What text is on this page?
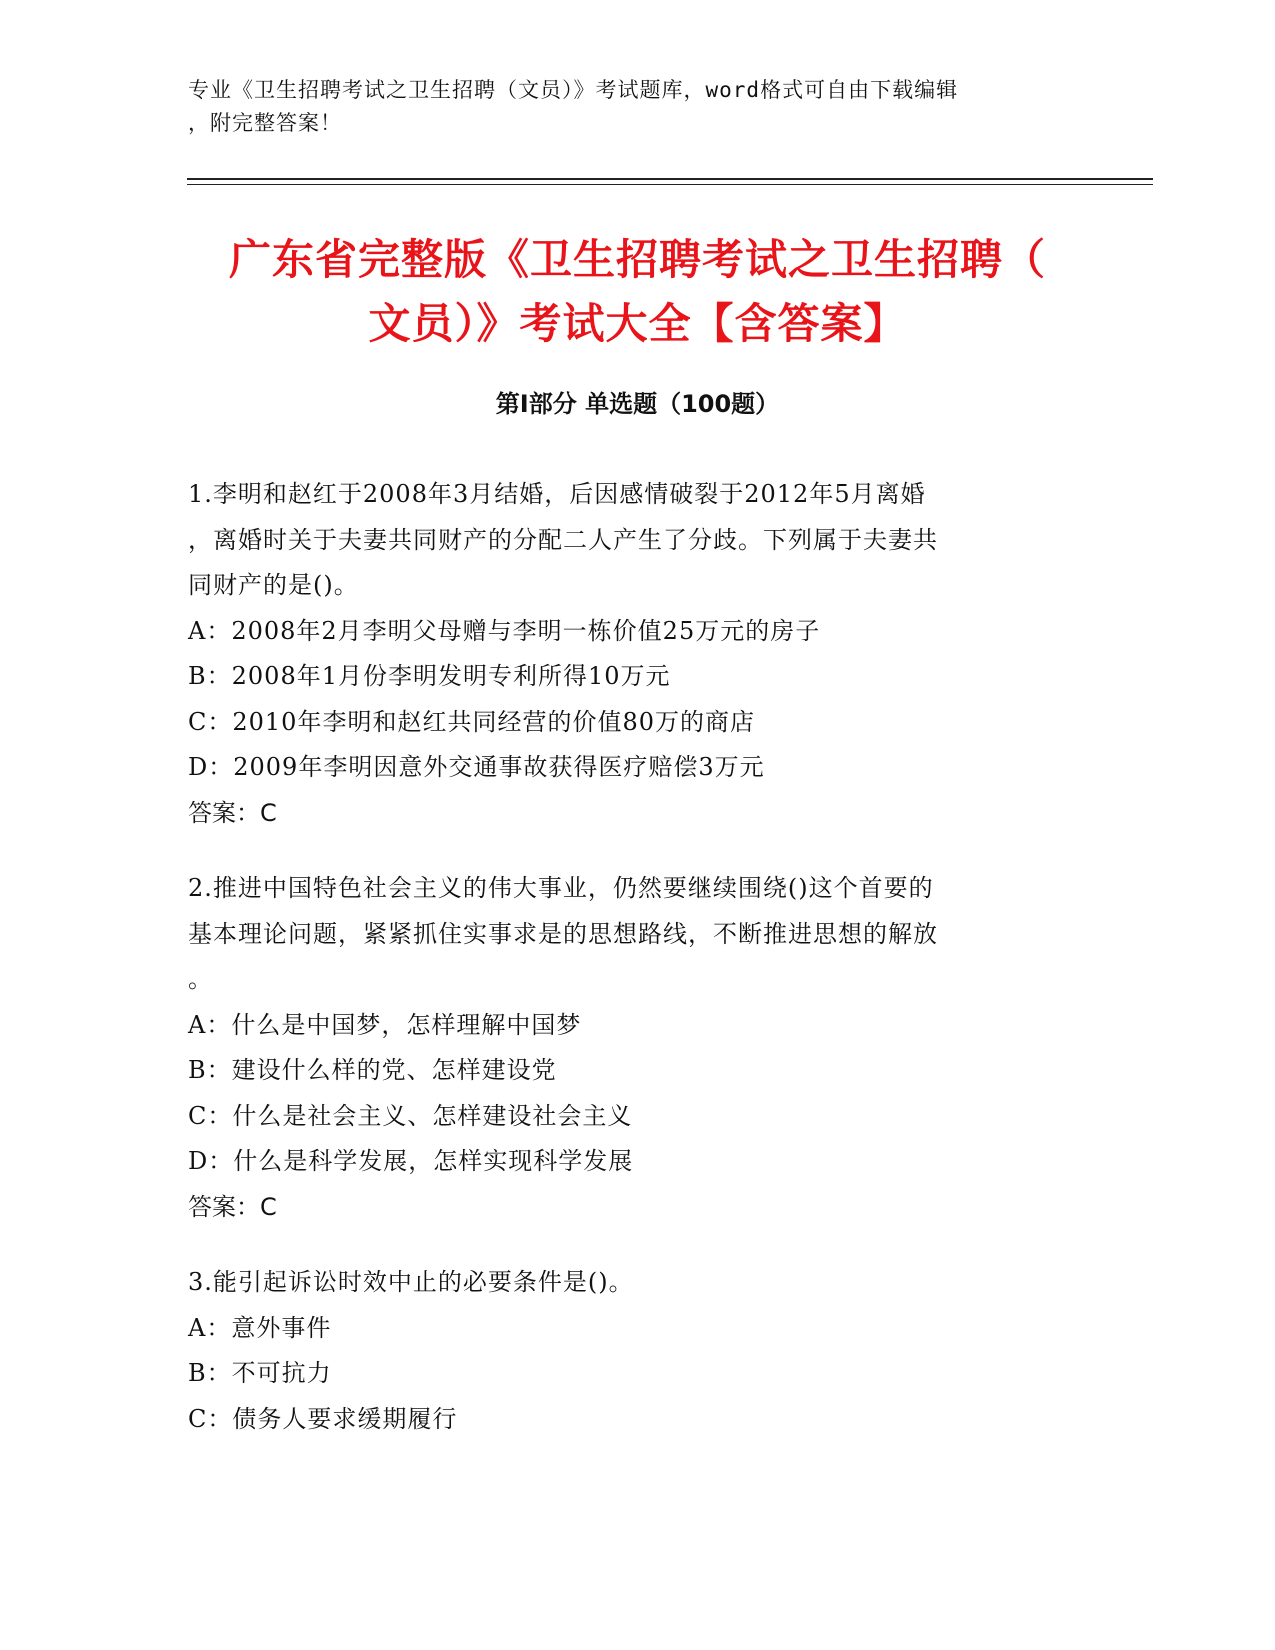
专业《卫生招聘考试之卫生招聘（文员）》考试题库，word格式可自由下载编辑
，附完整答案！
广东省完整版《卫生招聘考试之卫生招聘（
文员）》考试大全【含答案】
第Ⅰ部分 单选题（100题）
1.李明和赵红于2008年3月结婚，后因感情破裂于2012年5月离婚
，离婚时关于夫妻共同财产的分配二人产生了分歧。下列属于夫妻共
同财产的是()。
A：2008年2月李明父母赠与李明一栋价值25万元的房子
B：2008年1月份李明发明专利所得10万元
C：2010年李明和赵红共同经营的价值80万的商店
D：2009年李明因意外交通事故获得医疗赔偿3万元
答案：C
2.推进中国特色社会主义的伟大事业，仍然要继续围绕()这个首要的
基本理论问题，紧紧抓住实事求是的思想路线，不断推进思想的解放
。
A：什么是中国梦，怎样理解中国梦
B：建设什么样的党、怎样建设党
C：什么是社会主义、怎样建设社会主义
D：什么是科学发展，怎样实现科学发展
答案：C
3.能引起诉讼时效中止的必要条件是()。
A：意外事件
B：不可抗力
C：债务人要求缓期履行
